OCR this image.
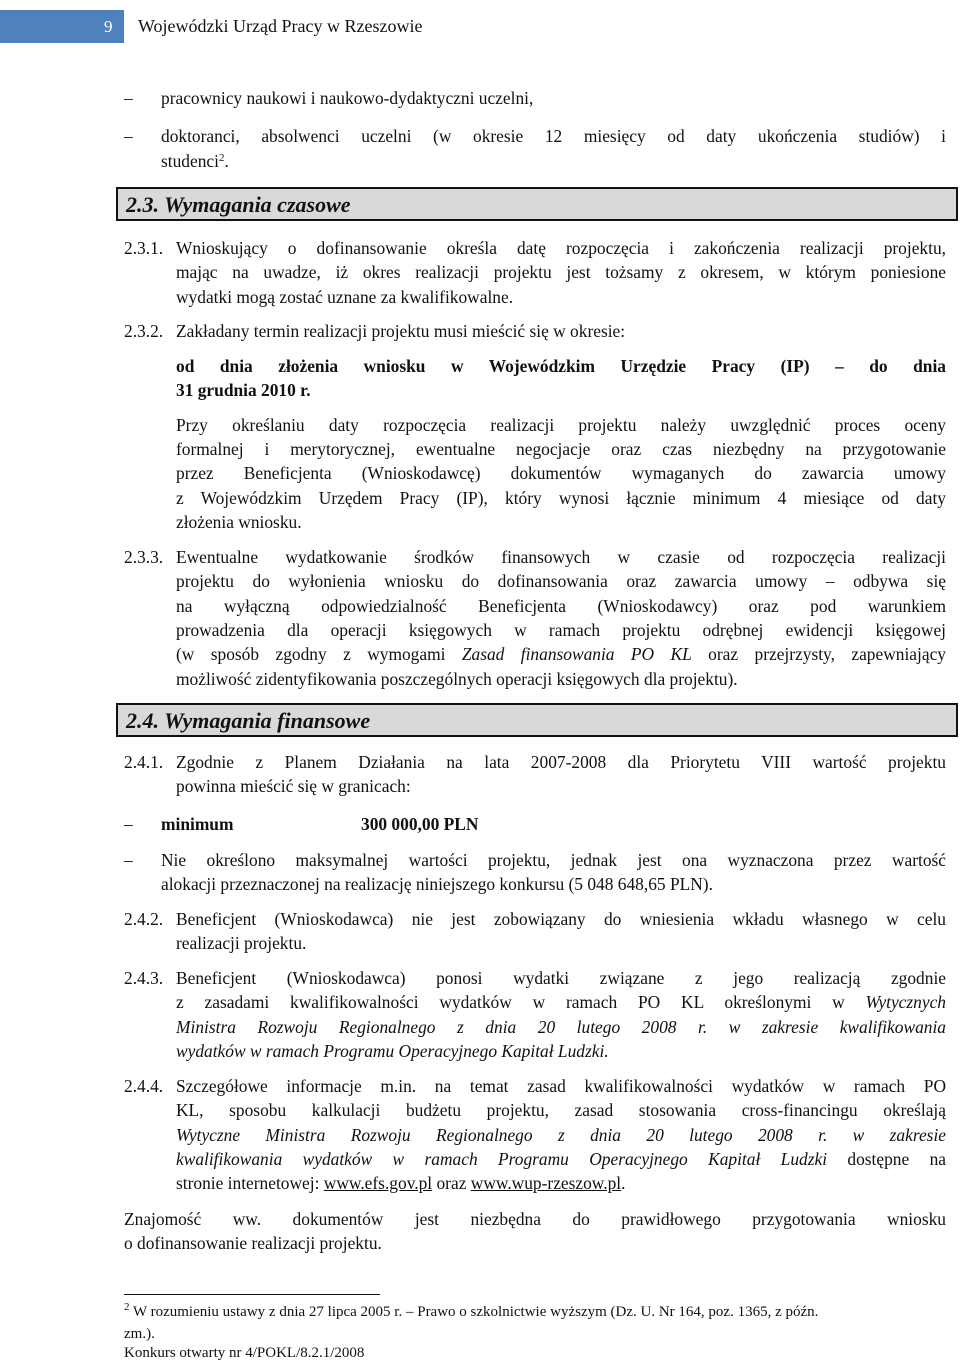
9	Wojewódzki Urząd Pracy w Rzeszowie
– pracownicy naukowi i naukowo-dydaktyczni uczelni,
– doktoranci, absolwenci uczelni (w okresie 12 miesięcy od daty ukończenia studiów) i
studenci$^2$.
2.3. Wymagania czasowe
2.3.1. Wnioskujący o dofinansowanie określa datę rozpoczęcia i zakończenia realizacji projektu,
mając na uwadze, iż okres realizacji projektu jest tożsamy z okresem, w którym poniesione
wydatki mogą zostać uznane za kwalifikowalne.
2.3.2. Zakładany termin realizacji projektu musi mieścić się w okresie:
od dnia złożenia wniosku w Wojewódzkim Urzędzie Pracy (IP) – do dnia
31 grudnia 2010 r.
Przy określaniu daty rozpoczęcia realizacji projektu należy uwzględnić proces oceny
formalnej i merytorycznej, ewentualne negocjacje oraz czas niezbędny na przygotowanie
przez Beneficjenta (Wnioskodawcę) dokumentów wymaganych do zawarcia umowy
z Wojewódzkim Urzędem Pracy (IP), który wynosi łącznie minimum 4 miesiące od daty
złożenia wniosku.
2.3.3. Ewentualne wydatkowanie środków finansowych w czasie od rozpoczęcia realizacji
projektu do wyłonienia wniosku do dofinansowania oraz zawarcia umowy – odbywa się
na wyłączną odpowiedzialność Beneficjenta (Wnioskodawcy) oraz pod warunkiem
prowadzenia dla operacji księgowych w ramach projektu odrębnej ewidencji księgowej
(w sposób zgodny z wymogami Zasad finansowania PO KL oraz przejrzysty, zapewniający
możliwość zidentyfikowania poszczególnych operacji księgowych dla projektu).
2.4. Wymagania finansowe
2.4.1. Zgodnie z Planem Działania na lata 2007-2008 dla Priorytetu VIII wartość projektu
powinna mieścić się w granicach:
– minimum	300 000,00 PLN
– Nie określono maksymalnej wartości projektu, jednak jest ona wyznaczona przez wartość
alokacji przeznaczonej na realizację niniejszego konkursu (5 048 648,65 PLN).
2.4.2. Beneficjent (Wnioskodawca) nie jest zobowiązany do wniesienia wkładu własnego w celu
realizacji projektu.
2.4.3. Beneficjent (Wnioskodawca) ponosi wydatki związane z jego realizacją zgodnie
z zasadami kwalifikowalności wydatków w ramach PO KL określonymi w Wytycznych
Ministra Rozwoju Regionalnego z dnia 20 lutego 2008 r. w zakresie kwalifikowania
wydatków w ramach Programu Operacyjnego Kapitał Ludzki.
2.4.4. Szczegółowe informacje m.in. na temat zasad kwalifikowalności wydatków w ramach PO
KL, sposobu kalkulacji budżetu projektu, zasad stosowania cross-financingu określają
Wytyczne Ministra Rozwoju Regionalnego z dnia 20 lutego 2008 r. w zakresie
kwalifikowania wydatków w ramach Programu Operacyjnego Kapitał Ludzki dostępne na
stronie internetowej: www.efs.gov.pl oraz www.wup-rzeszow.pl.
Znajomość ww. dokumentów jest niezbędna do prawidłowego przygotowania wniosku
o dofinansowanie realizacji projektu.
$^2$ W rozumieniu ustawy z dnia 27 lipca 2005 r. – Prawo o szkolnictwie wyższym (Dz. U. Nr 164, poz. 1365, z późn.
zm.).
Konkurs otwarty nr 4/POKL/8.2.1/2008
